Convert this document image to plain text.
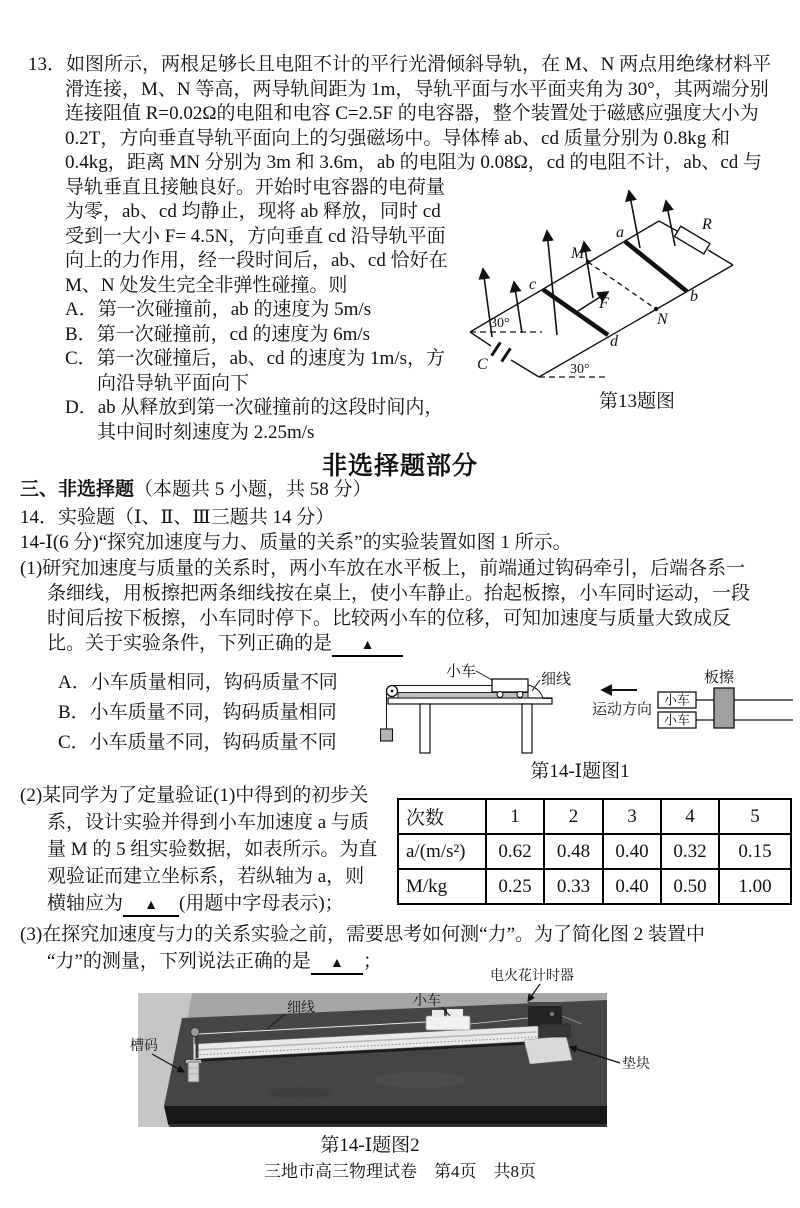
13．如图所示，两根足够长且电阻不计的平行光滑倾斜导轨，在 M、N 两点用绝缘材料平
滑连接，M、N 等高，两导轨间距为 1m，导轨平面与水平面夹角为 30°，其两端分别
连接阻值 R=0.02Ω的电阻和电容 C=2.5F 的电容器，整个装置处于磁感应强度大小为
0.2T，方向垂直导轨平面向上的匀强磁场中。导体棒 ab、cd 质量分别为 0.8kg 和
0.4kg，距离 MN 分别为 3m 和 3.6m，ab 的电阻为 0.08Ω，cd 的电阻不计，ab、cd 与
导轨垂直且接触良好。开始时电容器的电荷量
为零，ab、cd 均静止，现将 ab 释放，同时 cd
受到一大小 F= 4.5N，方向垂直 cd 沿导轨平面
向上的力作用，经一段时间后，ab、cd 恰好在
M、N 处发生完全非弹性碰撞。则
A．第一次碰撞前，ab 的速度为 5m/s
B．第一次碰撞前，cd 的速度为 6m/s
C．第一次碰撞后，ab、cd 的速度为 1m/s，方
向沿导轨平面向下
D．ab 从释放到第一次碰撞前的这段时间内，
其中间时刻速度为 2.25m/s
a
b
c
d
M
N
R
C
F
30°
30°
第13题图
非选择题部分
三、非选择题（本题共 5 小题，共 58 分）
14．实验题（Ⅰ、Ⅱ、Ⅲ三题共 14 分）
14-Ⅰ(6 分)“探究加速度与力、质量的关系”的实验装置如图 1 所示。
(1)研究加速度与质量的关系时，两小车放在水平板上，前端通过钩码牵引，后端各系一
条细线，用板擦把两条细线按在桌上，使小车静止。抬起板擦，小车同时运动，一段
时间后按下板擦，小车同时停下。比较两小车的位移，可知加速度与质量大致成反
比。关于实验条件，下列正确的是 ▲
A．小车质量相同，钩码质量不同
B．小车质量不同，钩码质量相同
C．小车质量不同，钩码质量不同
小车	细线
运动方向
小车
小车
板擦
第14-Ⅰ题图1
(2)某同学为了定量验证(1)中得到的初步关
系，设计实验并得到小车加速度 a 与质
量 M 的 5 组实验数据，如表所示。为直
观验证而建立坐标系，若纵轴为 a，则
横轴应为 ▲ (用题中字母表示)；
次数	1	2	3	4	5
a/(m/s²)	0.62	0.48	0.40	0.32	0.15
M/kg	0.25	0.33	0.40	0.50	1.00
(3)在探究加速度与力的关系实验之前，需要思考如何测“力”。为了简化图 2 装置中
“力”的测量，下列说法正确的是 ▲ ；
电火花计时器
细线	小车
槽码
垫块
第14-Ⅰ题图2
三地市高三物理试卷　第4页　共8页
